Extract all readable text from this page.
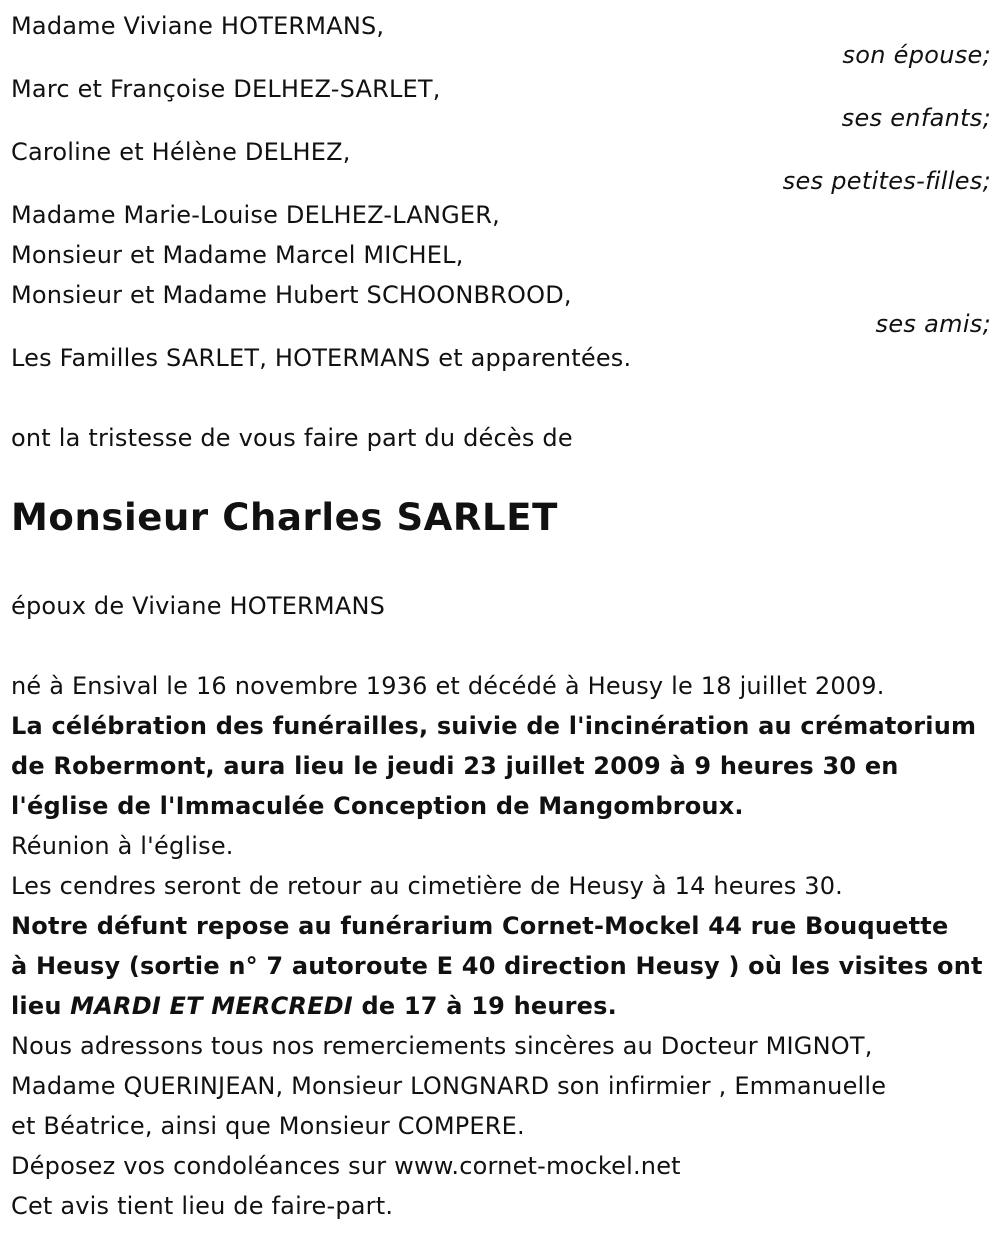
Madame Viviane HOTERMANS,
son épouse;
Marc et Françoise DELHEZ-SARLET,
ses enfants;
Caroline et Hélène DELHEZ,
ses petites-filles;
Madame Marie-Louise DELHEZ-LANGER,
Monsieur et Madame Marcel MICHEL,
Monsieur et Madame Hubert SCHOONBROOD,
ses amis;
Les Familles SARLET, HOTERMANS et apparentées.
ont la tristesse de vous faire part du décès de
Monsieur Charles SARLET
époux de Viviane HOTERMANS
né à Ensival le 16 novembre 1936 et décédé à Heusy le 18 juillet 2009.
La célébration des funérailles, suivie de l'incinération au crématorium
de Robermont, aura lieu le jeudi 23 juillet 2009 à 9 heures 30 en
l'église de l'Immaculée Conception de Mangombroux.
Réunion à l'église.
Les cendres seront de retour au cimetière de Heusy à 14 heures 30.
Notre défunt repose au funérarium Cornet-Mockel 44 rue Bouquette
à Heusy (sortie n° 7 autoroute E 40 direction Heusy ) où les visites ont
lieu MARDI ET MERCREDI de 17 à 19 heures.
Nous adressons tous nos remerciements sincères au Docteur MIGNOT,
Madame QUERINJEAN, Monsieur LONGNARD son infirmier , Emmanuelle
et Béatrice, ainsi que Monsieur COMPERE.
Déposez vos condoléances sur www.cornet-mockel.net
Cet avis tient lieu de faire-part.
